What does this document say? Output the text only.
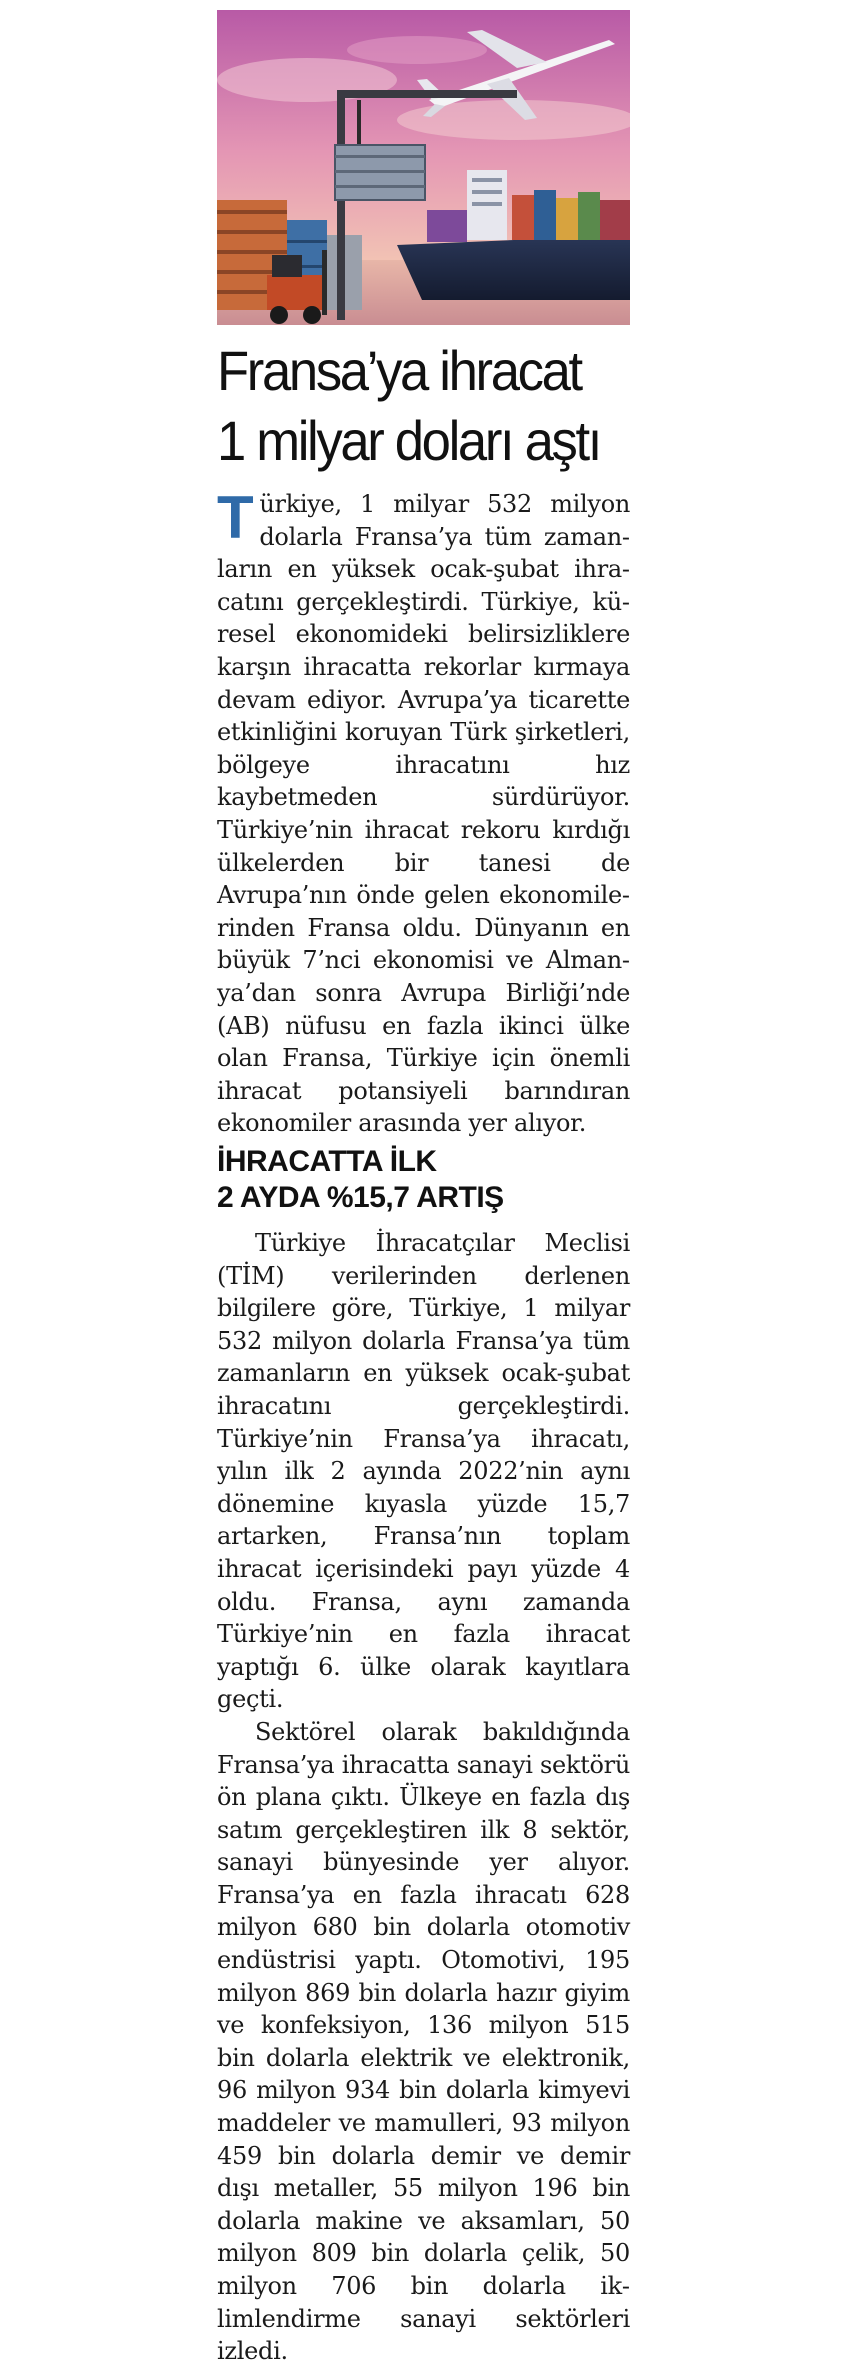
Fransa’ya ihracat
1 milyar doları aştı

Türkiye, 1 milyar 532 milyon dolarla Fransa’ya tüm zamanların en yüksek ocak-şubat ihracatını gerçekleştirdi. Türkiye, küresel ekonomideki belirsizliklere karşın ihracatta rekorlar kırmaya devam ediyor. Avrupa’ya ticarette etkinliğini koruyan Türk şirketleri, bölgeye ihracatını hız kaybetmeden sürdürüyor. Türkiye’nin ihracat rekoru kırdığı ülkelerden bir tanesi de Avrupa’nın önde gelen ekonomilerinden Fransa oldu. Dünyanın en büyük 7’nci ekonomisi ve Almanya’dan sonra Avrupa Birliği’nde (AB) nüfusu en fazla ikinci ülke olan Fransa, Türkiye için önemli ihracat potansiyeli barındıran ekonomiler arasında yer alıyor.

İHRACATTA İLK
2 AYDA %15,7 ARTIŞ

Türkiye İhracatçılar Meclisi (TİM) verilerinden derlenen bilgilere göre, Türkiye, 1 milyar 532 milyon dolarla Fransa’ya tüm zamanların en yüksek ocak-şubat ihracatını gerçekleştirdi. Türkiye’nin Fransa’ya ihracatı, yılın ilk 2 ayında 2022’nin aynı dönemine kıyasla yüzde 15,7 artarken, Fransa’nın toplam ihracat içerisindeki payı yüzde 4 oldu. Fransa, aynı zamanda Türkiye’nin en fazla ihracat yaptığı 6. ülke olarak kayıtlara geçti.

Sektörel olarak bakıldığında Fransa’ya ihracatta sanayi sektörü ön plana çıktı. Ülkeye en fazla dış satım gerçekleştiren ilk 8 sektör, sanayi bünyesinde yer alıyor. Fransa’ya en fazla ihracatı 628 milyon 680 bin dolarla otomotiv endüstrisi yaptı. Otomotivi, 195 milyon 869 bin dolarla hazır giyim ve konfeksiyon, 136 milyon 515 bin dolarla elektrik ve elektronik, 96 milyon 934 bin dolarla kimyevi maddeler ve mamulleri, 93 milyon 459 bin dolarla demir ve demir dışı metaller, 55 milyon 196 bin dolarla makine ve aksamları, 50 milyon 809 bin dolarla çelik, 50 milyon 706 bin dolarla iklimlendirme sanayi sektörleri izledi.
